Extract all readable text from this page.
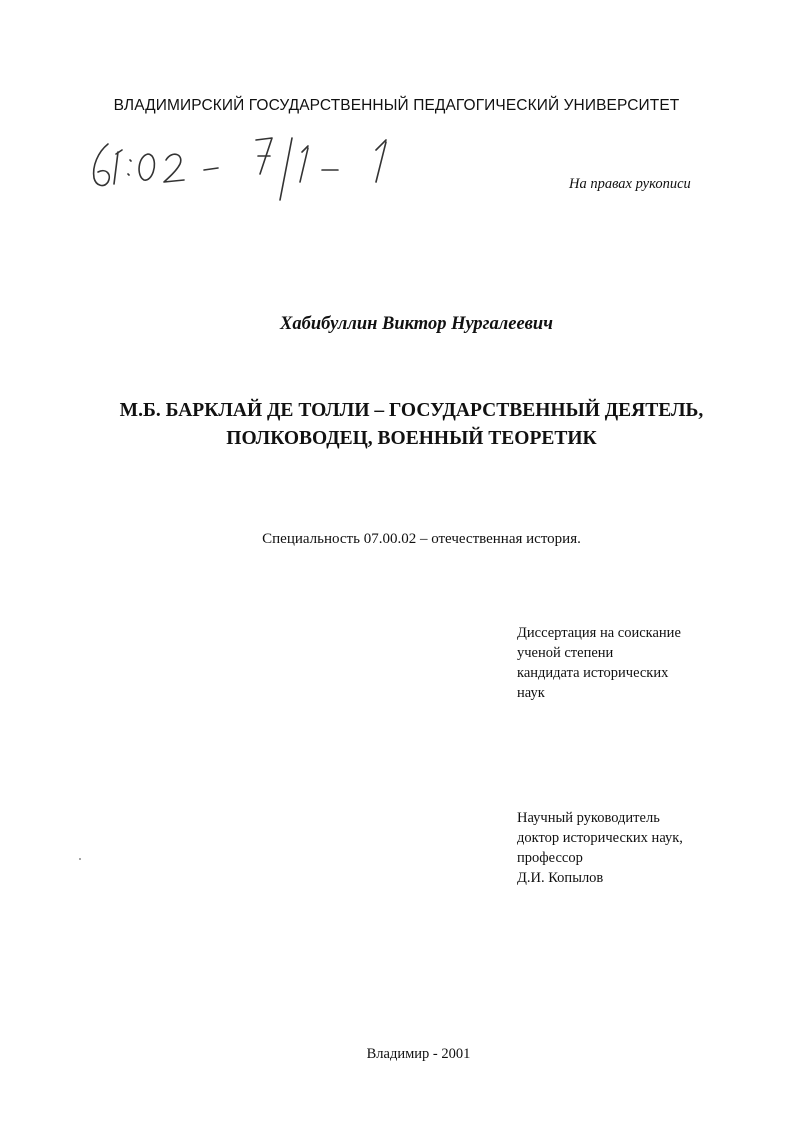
ВЛАДИМИРСКИЙ ГОСУДАРСТВЕННЫЙ ПЕДАГОГИЧЕСКИЙ УНИВЕРСИТЕТ
На правах рукописи
Хабибуллин Виктор Нургалеевич
М.Б. БАРКЛАЙ ДЕ ТОЛЛИ – ГОСУДАРСТВЕННЫЙ ДЕЯТЕЛЬ,
ПОЛКОВОДЕЦ, ВОЕННЫЙ ТЕОРЕТИК
Специальность 07.00.02 – отечественная история.
Диссертация на соискание
ученой степени
кандидата исторических
наук
Научный руководитель
доктор исторических наук,
профессор
Д.И. Копылов
Владимир - 2001
